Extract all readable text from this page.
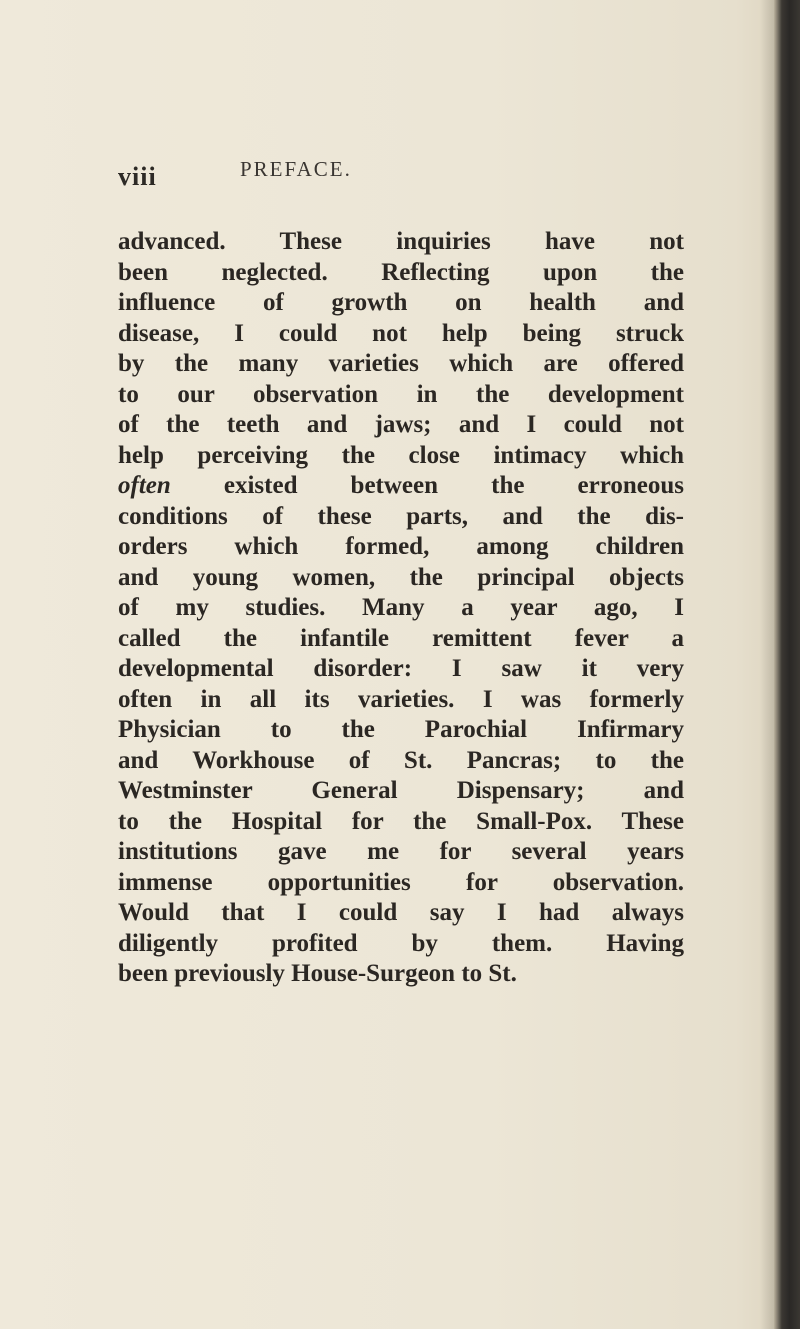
viii	PREFACE.
advanced. These inquiries have not
been neglected. Reflecting upon the
influence of growth on health and
disease, I could not help being struck
by the many varieties which are offered
to our observation in the development
of the teeth and jaws; and I could not
help perceiving the close intimacy which
often existed between the erroneous
conditions of these parts, and the dis-
orders which formed, among children
and young women, the principal objects
of my studies. Many a year ago, I
called the infantile remittent fever a
developmental disorder: I saw it very
often in all its varieties. I was formerly
Physician to the Parochial Infirmary
and Workhouse of St. Pancras; to the
Westminster General Dispensary; and
to the Hospital for the Small-Pox. These
institutions gave me for several years
immense opportunities for observation.
Would that I could say I had always
diligently profited by them. Having
been previously House-Surgeon to St.
